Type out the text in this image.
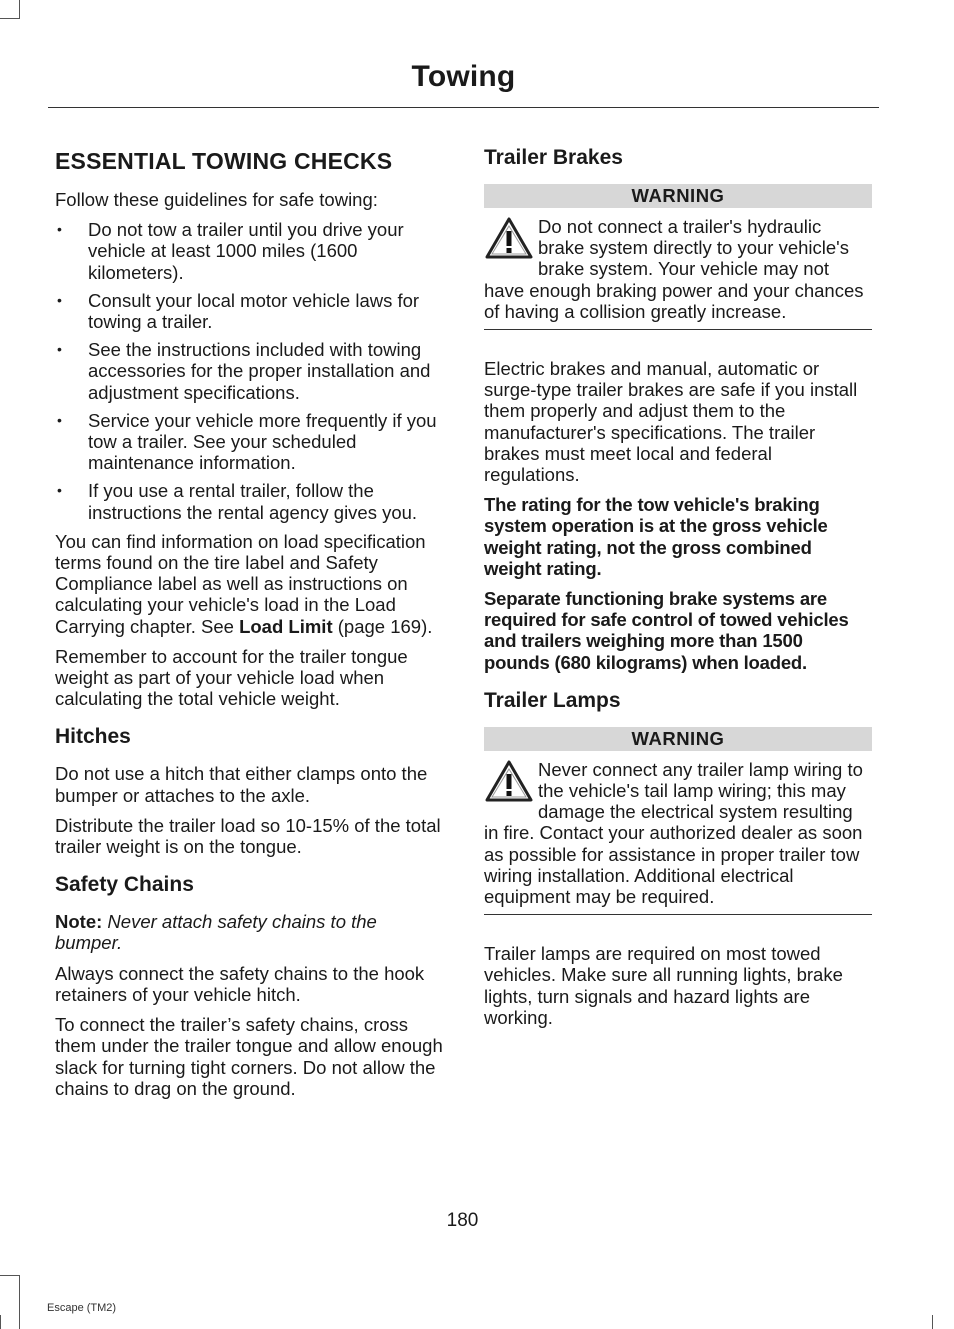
Towing
ESSENTIAL TOWING CHECKS

Follow these guidelines for safe towing:

• Do not tow a trailer until you drive your vehicle at least 1000 miles (1600 kilometers).
• Consult your local motor vehicle laws for towing a trailer.
• See the instructions included with towing accessories for the proper installation and adjustment specifications.
• Service your vehicle more frequently if you tow a trailer. See your scheduled maintenance information.
• If you use a rental trailer, follow the instructions the rental agency gives you.

You can find information on load specification terms found on the tire label and Safety Compliance label as well as instructions on calculating your vehicle's load in the Load Carrying chapter. See Load Limit (page 169).

Remember to account for the trailer tongue weight as part of your vehicle load when calculating the total vehicle weight.

Hitches

Do not use a hitch that either clamps onto the bumper or attaches to the axle.

Distribute the trailer load so 10-15% of the total trailer weight is on the tongue.

Safety Chains

Note: Never attach safety chains to the bumper.

Always connect the safety chains to the hook retainers of your vehicle hitch.

To connect the trailer’s safety chains, cross them under the trailer tongue and allow enough slack for turning tight corners. Do not allow the chains to drag on the ground.

Trailer Brakes
WARNING

Do not connect a trailer's hydraulic brake system directly to your vehicle's brake system. Your vehicle may not have enough braking power and your chances of having a collision greatly increase.

Electric brakes and manual, automatic or surge-type trailer brakes are safe if you install them properly and adjust them to the manufacturer's specifications. The trailer brakes must meet local and federal regulations.

The rating for the tow vehicle's braking system operation is at the gross vehicle weight rating, not the gross combined weight rating.

Separate functioning brake systems are required for safe control of towed vehicles and trailers weighing more than 1500 pounds (680 kilograms) when loaded.

Trailer Lamps
WARNING

Never connect any trailer lamp wiring to the vehicle's tail lamp wiring; this may damage the electrical system resulting in fire. Contact your authorized dealer as soon as possible for assistance in proper trailer tow wiring installation. Additional electrical equipment may be required.

Trailer lamps are required on most towed vehicles. Make sure all running lights, brake lights, turn signals and hazard lights are working.

180
Escape (TM2)
